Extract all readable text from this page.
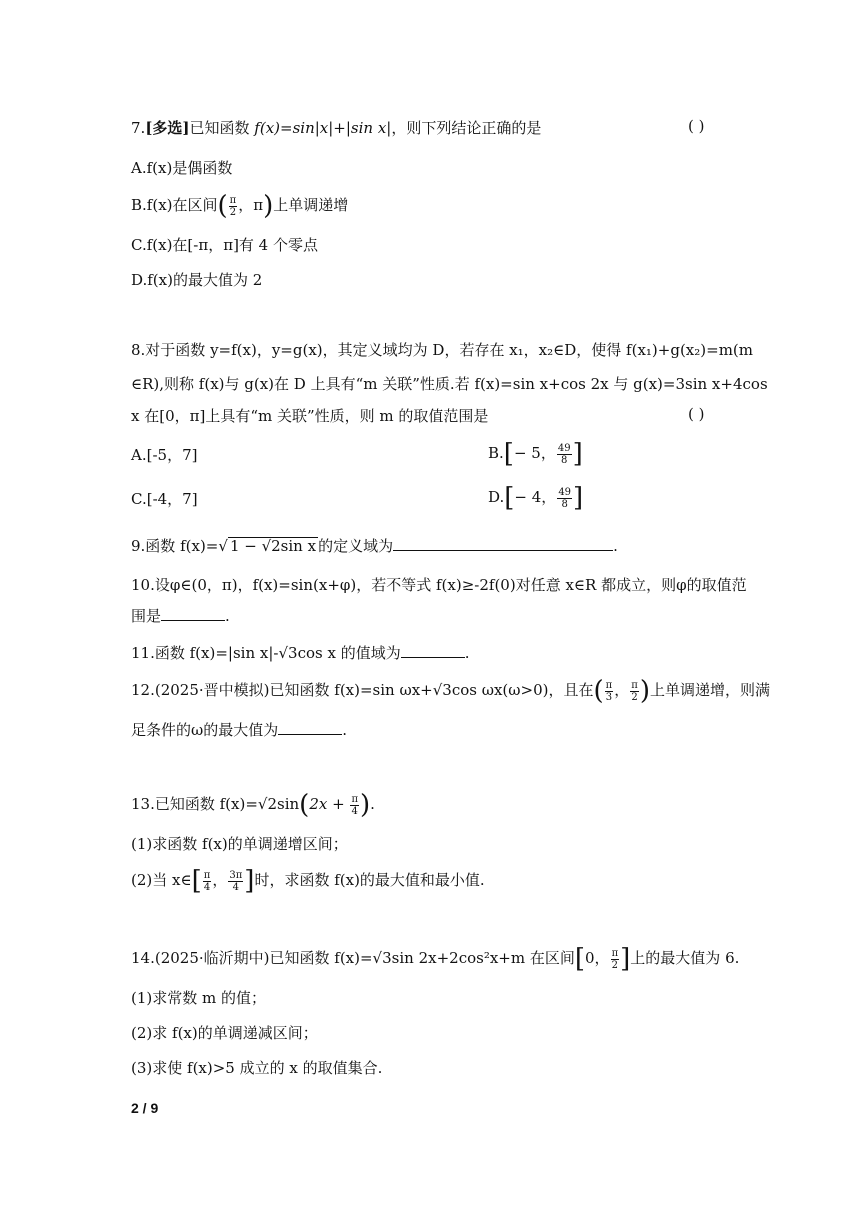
7.[多选]已知函数 f(x)=sin|x|+|sin x|，则下列结论正确的是	( )
A.f(x)是偶函数
B.f(x)在区间( $\frac{\pi}{2}$ ，π)上单调递增
C.f(x)在[-π，π]有 4 个零点
D.f(x)的最大值为 2
8.对于函数 y=f(x)，y=g(x)，其定义域均为 D，若存在 x₁，x₂∈D，使得 f(x₁)+g(x₂)=m(m
∈R),则称 f(x)与 g(x)在 D 上具有“m 关联”性质.若 f(x)=sin x+cos 2x 与 g(x)=3sin x+4cos
x 在[0，π]上具有“m 关联”性质，则 m 的取值范围是	( )
A.[-5，7]	B.[− 5， $\frac{49}{8}$ ]
C.[-4，7]	D.[− 4， $\frac{49}{8}$ ]
9.函数 f(x)=√ 1 − √2sin x 的定义域为	.
10.设φ∈(0，π)，f(x)=sin(x+φ)，若不等式 f(x)≥-2f(0)对任意 x∈R 都成立，则φ的取值范
围是	.
11.函数 f(x)=|sin x|-√3cos x 的值域为	.
12.(2025·晋中模拟)已知函数 f(x)=sin ωx+√3cos ωx(ω>0)，且在( $\frac{\pi}{3}$ ， $\frac{\pi}{2}$ )上单调递增，则满
足条件的ω的最大值为	.
13.已知函数 $f(x)=√2\sin(2x + \frac{\pi}{4}$ ).
(1)求函数 f(x)的单调递增区间；
(2)当 x∈[ $\frac{\pi}{4}$ ， $\frac{3\pi}{4}$ ]时，求函数 f(x)的最大值和最小值.
14.(2025·临沂期中)已知函数 f(x)=√3sin 2x+2cos²x+m 在区间[0， $\frac{\pi}{2}$ ]上的最大值为 6.
(1)求常数 m 的值；
(2)求 f(x)的单调递减区间；
(3)求使 f(x)>5 成立的 x 的取值集合.
2 / 9
